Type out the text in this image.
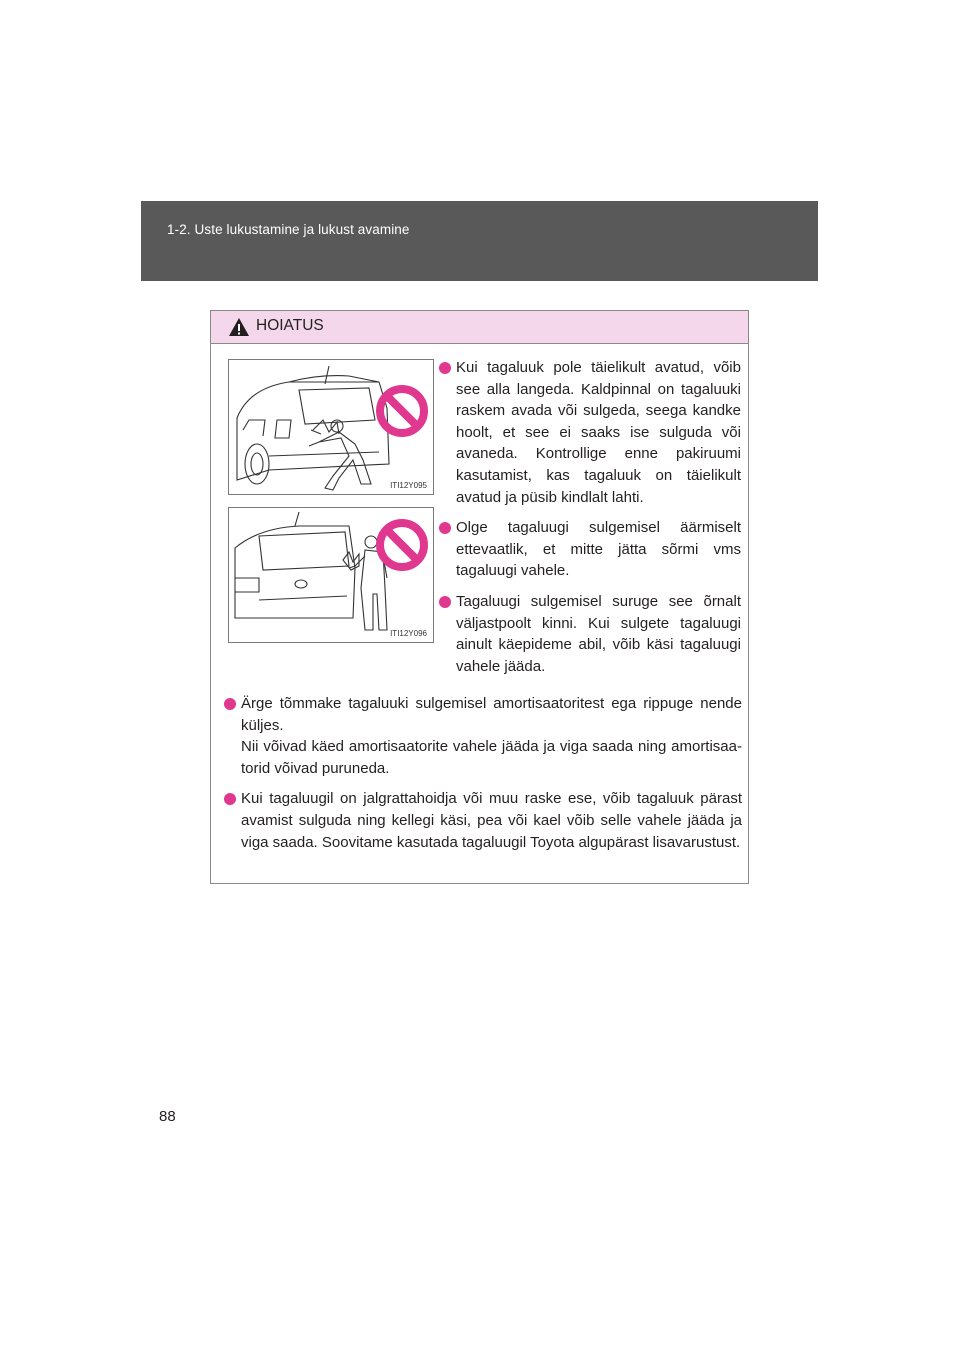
1-2. Uste lukustamine ja lukust avamine
HOIATUS
ITI12Y095
ITI12Y096
Kui tagaluuk pole täielikult avatud, võib see alla langeda. Kaldpinnal on tagaluuki raskem avada või sulgeda, seega kandke hoolt, et see ei saaks ise sulguda või avaneda. Kontrollige enne pakiruumi kasutamist, kas tagaluuk on täielikult avatud ja püsib kindlalt lahti.
Olge tagaluugi sulgemisel äärmiselt ettevaatlik, et mitte jätta sõrmi vms tagaluugi vahele.
Tagaluugi sulgemisel suruge see õrnalt väljastpoolt kinni. Kui sulgete tagaluugi ainult käepideme abil, võib käsi tagaluugi vahele jääda.
Ärge tõmmake tagaluuki sulgemisel amortisaatoritest ega rippuge nende küljes.
Nii võivad käed amortisaatorite vahele jääda ja viga saada ning amortisaatorid võivad puruneda.
Kui tagaluugil on jalgrattahoidja või muu raske ese, võib tagaluuk pärast avamist sulguda ning kellegi käsi, pea või kael võib selle vahele jääda ja viga saada. Soovitame kasutada tagaluugil Toyota algupärast lisavarustust.
88
